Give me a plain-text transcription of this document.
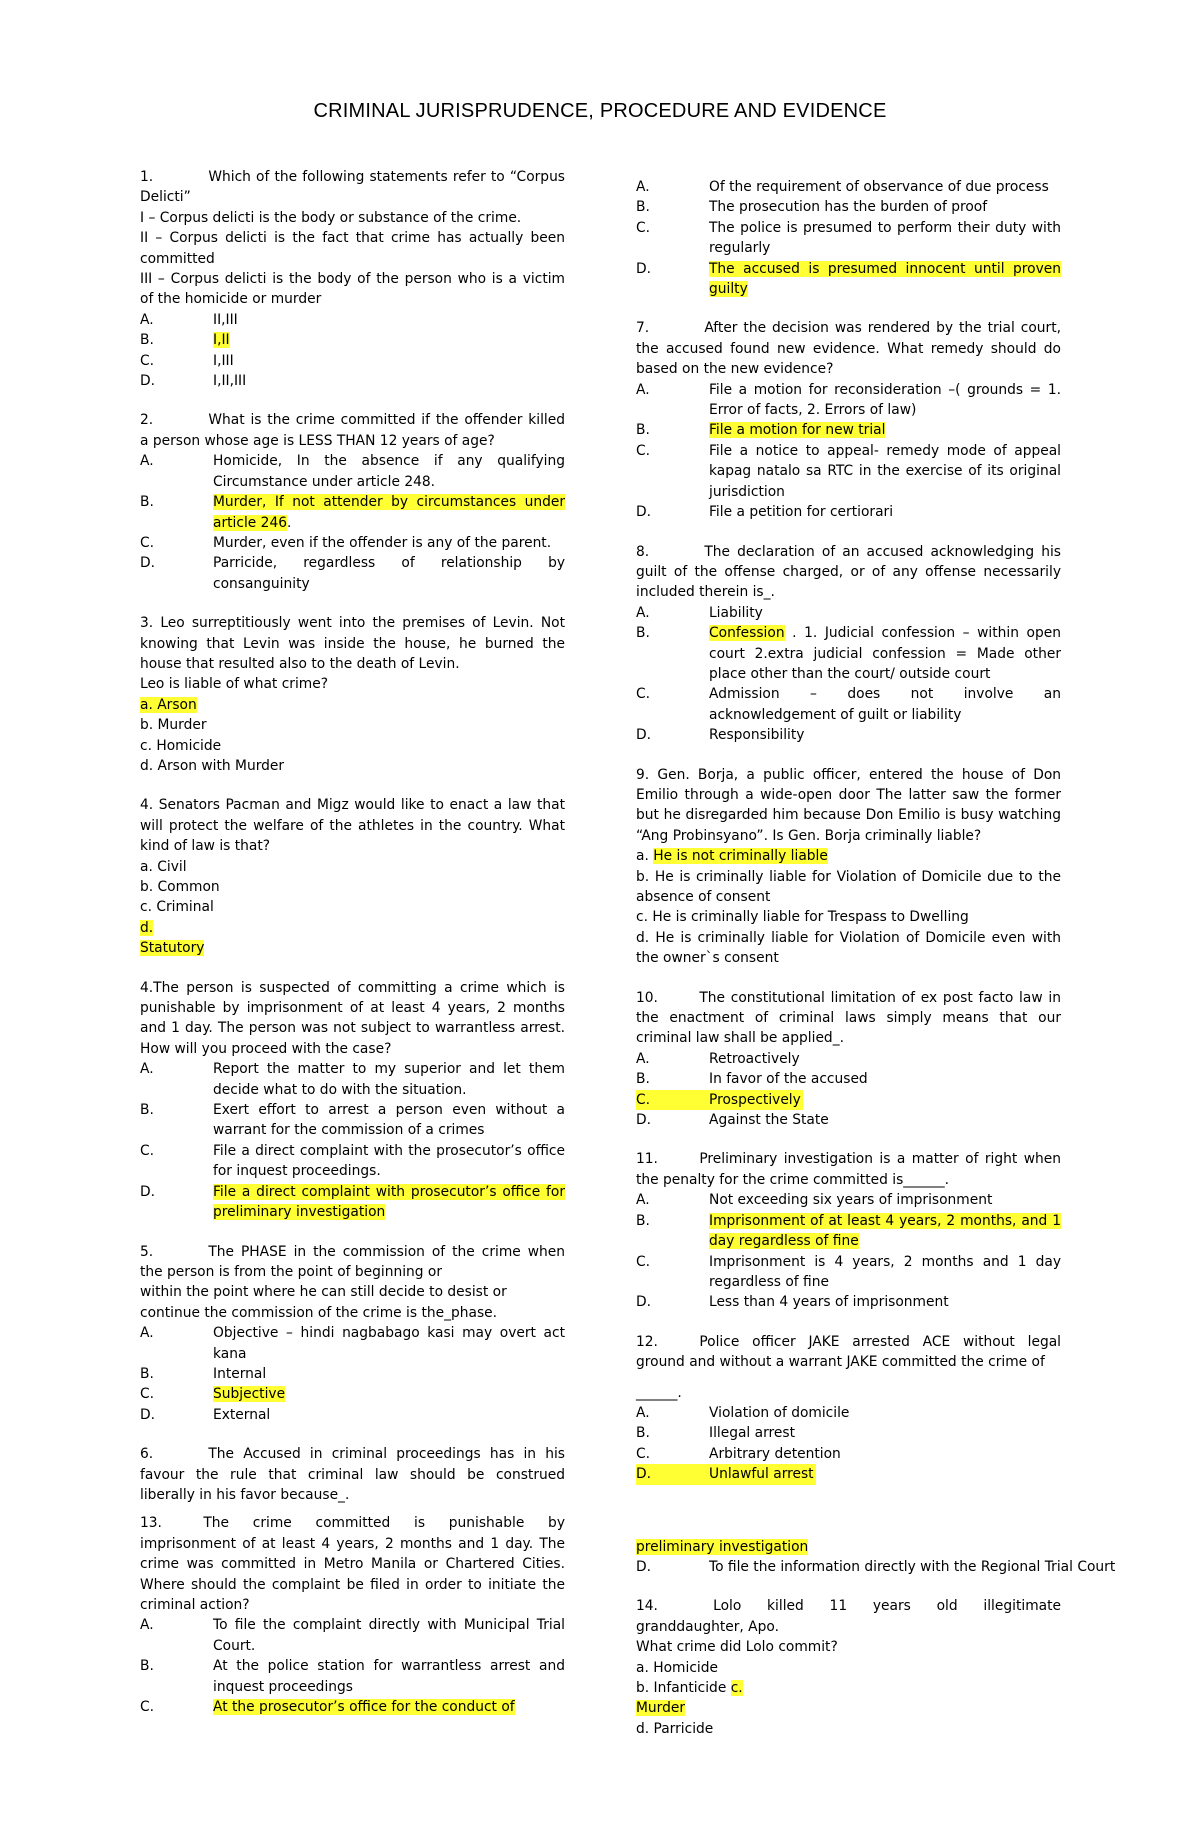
CRIMINAL JURISPRUDENCE, PROCEDURE AND EVIDENCE

1.    Which of the following statements refer to “Corpus Delicti”
I – Corpus delicti is the body or substance of the crime.
II – Corpus delicti is the fact that crime has actually been committed
III – Corpus delicti is the body of the person who is a victim of the homicide or murder
A.	II,III
B.	I,II
C.	I,III
D.	I,II,III

2.    What is the crime committed if the offender killed a person whose age is LESS THAN 12 years of age?
A.	Homicide, In the absence if any qualifying Circumstance under article 248.
B.	Murder, If not attender by circumstances under article 246.
C.	Murder, even if the offender is any of the parent.
D.	Parricide, regardless of relationship by consanguinity

3. Leo surreptitiously went into the premises of Levin. Not knowing that Levin was inside the house, he burned the house that resulted also to the death of Levin.
Leo is liable of what crime?
a. Arson
b. Murder
c. Homicide
d. Arson with Murder

4. Senators Pacman and Migz would like to enact a law that will protect the welfare of the athletes in the country. What kind of law is that?
a. Civil
b. Common
c. Criminal
d.
Statutory

4.The person is suspected of committing a crime which is punishable by imprisonment of at least 4 years, 2 months and 1 day. The person was not subject to warrantless arrest. How will you proceed with the case?
A.	Report the matter to my superior and let them decide what to do with the situation.
B.	Exert effort to arrest a person even without a warrant for the commission of a crimes
C.	File a direct complaint with the prosecutor’s office for inquest proceedings.
D.	File a direct complaint with prosecutor’s office for preliminary investigation

5.    The PHASE in the commission of the crime when the person is from the point of beginning or
within the point where he can still decide to desist or
continue the commission of the crime is the_phase.
A.	Objective – hindi nagbabago kasi may overt act kana
B.	Internal
C.	Subjective
D.	External

6.    The Accused in criminal proceedings has in his favour the rule that criminal law should be construed liberally in his favor because_.

13.   The crime committed is punishable by imprisonment of at least 4 years, 2 months and 1 day. The crime was committed in Metro Manila or Chartered Cities. Where should the complaint be filed in order to initiate the criminal action?
A.	To file the complaint directly with Municipal Trial Court.
B.	At the police station for warrantless arrest and inquest proceedings
C.	At the prosecutor’s office for the conduct of

A.	Of the requirement of observance of due process
B.	The prosecution has the burden of proof
C.	The police is presumed to perform their duty with regularly
D.	The accused is presumed innocent until proven guilty

7.    After the decision was rendered by the trial court, the accused found new evidence. What remedy should do based on the new evidence?
A.	File a motion for reconsideration –( grounds = 1. Error of facts, 2. Errors of law)
B.	File a motion for new trial
C.	File a notice to appeal- remedy mode of appeal kapag natalo sa RTC in the exercise of its original jurisdiction
D.	File a petition for certiorari

8.    The declaration of an accused acknowledging his guilt of the offense charged, or of any offense necessarily included therein is_.
A.	Liability
B.	Confession . 1. Judicial confession – within open court 2.extra judicial confession = Made other place other than the court/ outside court
C.	Admission – does not involve an acknowledgement of guilt or liability
D.	Responsibility

9. Gen. Borja, a public officer, entered the house of Don Emilio through a wide-open door The latter saw the former but he disregarded him because Don Emilio is busy watching “Ang Probinsyano”. Is Gen. Borja criminally liable?
a. He is not criminally liable
b. He is criminally liable for Violation of Domicile due to the absence of consent
c. He is criminally liable for Trespass to Dwelling
d. He is criminally liable for Violation of Domicile even with the owner`s consent

10.   The constitutional limitation of ex post facto law in the enactment of criminal laws simply means that our criminal law shall be applied_.
A.	Retroactively
B.	In favor of the accused
C.	Prospectively
D.	Against the State

11.   Preliminary investigation is a matter of right when the penalty for the crime committed is______.
A.	Not exceeding six years of imprisonment
B.	Imprisonment of at least 4 years, 2 months, and 1 day regardless of fine
C.	Imprisonment is 4 years, 2 months and 1 day regardless of fine
D.	Less than 4 years of imprisonment

12.   Police officer JAKE arrested ACE without legal ground and without a warrant JAKE committed the crime of
______.
A.	Violation of domicile
B.	Illegal arrest
C.	Arbitrary detention
D.	Unlawful arrest

preliminary investigation
D.	To file the information directly with the Regional Trial Court

14.    Lolo killed 11 years old illegitimate granddaughter, Apo.
What crime did Lolo commit?
a. Homicide
b. Infanticide c.
Murder
d. Parricide
